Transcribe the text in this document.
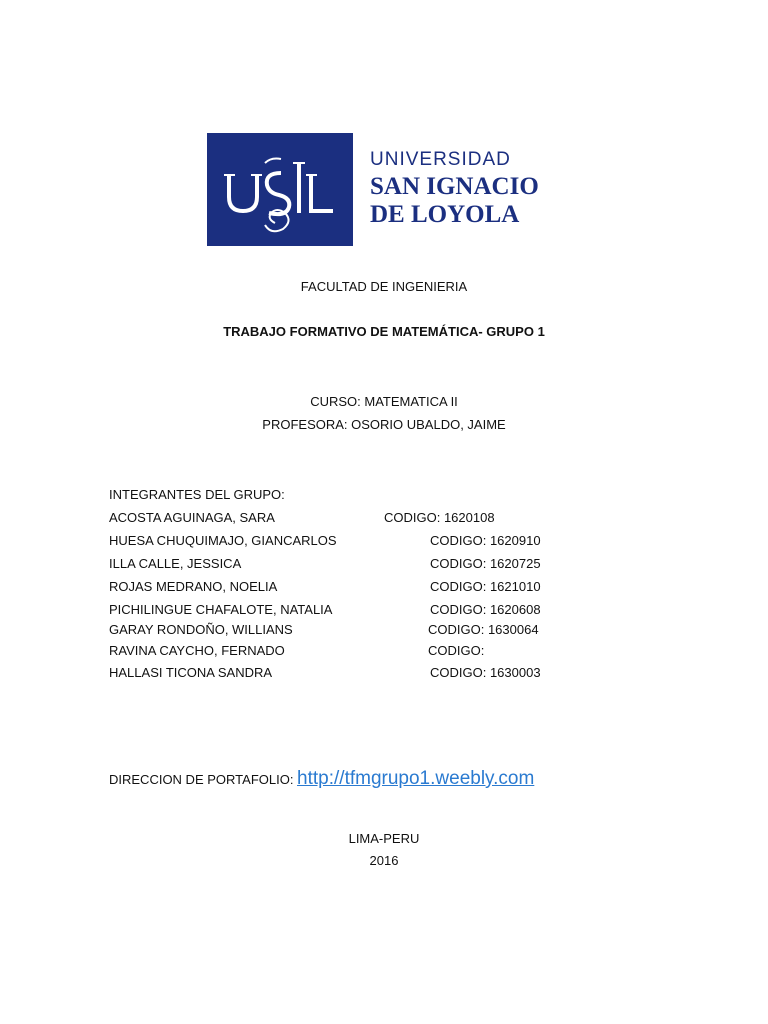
UNIVERSIDAD
SAN IGNACIO
DE LOYOLA
FACULTAD DE INGENIERIA
TRABAJO FORMATIVO DE MATEMÁTICA- GRUPO 1
CURSO: MATEMATICA II
PROFESORA: OSORIO UBALDO, JAIME
INTEGRANTES DEL GRUPO:
ACOSTA AGUINAGA, SARA	CODIGO: 1620108
HUESA CHUQUIMAJO, GIANCARLOS	CODIGO: 1620910
ILLA CALLE, JESSICA	CODIGO: 1620725
ROJAS MEDRANO, NOELIA	CODIGO: 1621010
PICHILINGUE CHAFALOTE, NATALIA	CODIGO: 1620608
GARAY RONDOÑO, WILLIANS	CODIGO: 1630064
RAVINA CAYCHO, FERNADO	CODIGO:
HALLASI TICONA SANDRA	CODIGO: 1630003
DIRECCION DE PORTAFOLIO: http://tfmgrupo1.weebly.com
LIMA-PERU
2016
